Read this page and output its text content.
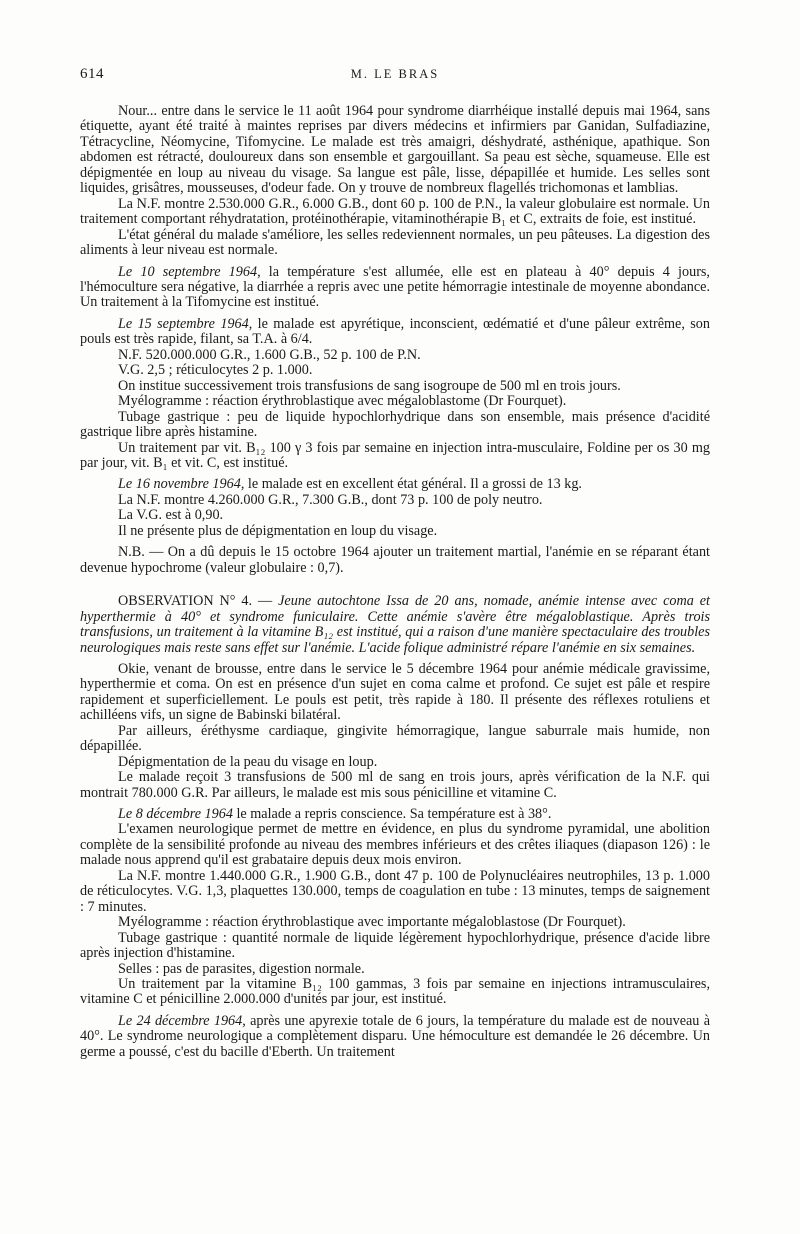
614	M. LE BRAS

Nour... entre dans le service le 11 août 1964 pour syndrome diarrhéique installé depuis mai 1964, sans étiquette, ayant été traité à maintes reprises par divers médecins et infirmiers par Ganidan, Sulfadiazine, Tétracycline, Néomycine, Tifomycine. Le malade est très amaigri, déshydraté, asthénique, apathique. Son abdomen est rétracté, douloureux dans son ensemble et gargouillant. Sa peau est sèche, squameuse. Elle est dépigmentée en loup au niveau du visage. Sa langue est pâle, lisse, dépapillée et humide. Les selles sont liquides, grisâtres, mousseuses, d'odeur fade. On y trouve de nombreux flagellés trichomonas et lamblias.

La N.F. montre 2.530.000 G.R., 6.000 G.B., dont 60 p. 100 de P.N., la valeur globulaire est normale. Un traitement comportant réhydratation, protéinothérapie, vitaminothérapie B₁ et C, extraits de foie, est institué.

L'état général du malade s'améliore, les selles redeviennent normales, un peu pâteuses. La digestion des aliments à leur niveau est normale.

Le 10 septembre 1964, la température s'est allumée, elle est en plateau à 40° depuis 4 jours, l'hémoculture sera négative, la diarrhée a repris avec une petite hémorragie intestinale de moyenne abondance. Un traitement à la Tifomycine est institué.

Le 15 septembre 1964, le malade est apyrétique, inconscient, œdématié et d'une pâleur extrême, son pouls est très rapide, filant, sa T.A. à 6/4.

N.F. 520.000.000 G.R., 1.600 G.B., 52 p. 100 de P.N.

V.G. 2,5 ; réticulocytes 2 p. 1.000.

On institue successivement trois transfusions de sang isogroupe de 500 ml en trois jours.

Myélogramme : réaction érythroblastique avec mégaloblastome (Dr Fourquet).

Tubage gastrique : peu de liquide hypochlorhydrique dans son ensemble, mais présence d'acidité gastrique libre après histamine.

Un traitement par vit. B₁₂ 100 γ 3 fois par semaine en injection intra-musculaire, Foldine per os 30 mg par jour, vit. B₁ et vit. C, est institué.

Le 16 novembre 1964, le malade est en excellent état général. Il a grossi de 13 kg.

La N.F. montre 4.260.000 G.R., 7.300 G.B., dont 73 p. 100 de poly neutro.

La V.G. est à 0,90.

Il ne présente plus de dépigmentation en loup du visage.

N.B. — On a dû depuis le 15 octobre 1964 ajouter un traitement martial, l'anémie en se réparant étant devenue hypochrome (valeur globulaire : 0,7).

OBSERVATION N° 4. — Jeune autochtone Issa de 20 ans, nomade, anémie intense avec coma et hyperthermie à 40° et syndrome funiculaire. Cette anémie s'avère être mégaloblastique. Après trois transfusions, un traitement à la vitamine B₁₂ est institué, qui a raison d'une manière spectaculaire des troubles neurologiques mais reste sans effet sur l'anémie. L'acide folique administré répare l'anémie en six semaines.

Okie, venant de brousse, entre dans le service le 5 décembre 1964 pour anémie médicale gravissime, hyperthermie et coma. On est en présence d'un sujet en coma calme et profond. Ce sujet est pâle et respire rapidement et superficiellement. Le pouls est petit, très rapide à 180. Il présente des réflexes rotuliens et achilléens vifs, un signe de Babinski bilatéral.

Par ailleurs, éréthysme cardiaque, gingivite hémorragique, langue saburrale mais humide, non dépapillée.

Dépigmentation de la peau du visage en loup.

Le malade reçoit 3 transfusions de 500 ml de sang en trois jours, après vérification de la N.F. qui montrait 780.000 G.R. Par ailleurs, le malade est mis sous pénicilline et vitamine C.

Le 8 décembre 1964 le malade a repris conscience. Sa température est à 38°.

L'examen neurologique permet de mettre en évidence, en plus du syndrome pyramidal, une abolition complète de la sensibilité profonde au niveau des membres inférieurs et des crêtes iliaques (diapason 126) : le malade nous apprend qu'il est grabataire depuis deux mois environ.

La N.F. montre 1.440.000 G.R., 1.900 G.B., dont 47 p. 100 de Polynucléaires neutrophiles, 13 p. 1.000 de réticulocytes. V.G. 1,3, plaquettes 130.000, temps de coagulation en tube : 13 minutes, temps de saignement : 7 minutes.

Myélogramme : réaction érythroblastique avec importante mégaloblastose (Dr Fourquet).

Tubage gastrique : quantité normale de liquide légèrement hypochlorhydrique, présence d'acide libre après injection d'histamine.

Selles : pas de parasites, digestion normale.

Un traitement par la vitamine B₁₂ 100 gammas, 3 fois par semaine en injections intramusculaires, vitamine C et pénicilline 2.000.000 d'unités par jour, est institué.

Le 24 décembre 1964, après une apyrexie totale de 6 jours, la température du malade est de nouveau à 40°. Le syndrome neurologique a complètement disparu. Une hémoculture est demandée le 26 décembre. Un germe a poussé, c'est du bacille d'Eberth. Un traitement
